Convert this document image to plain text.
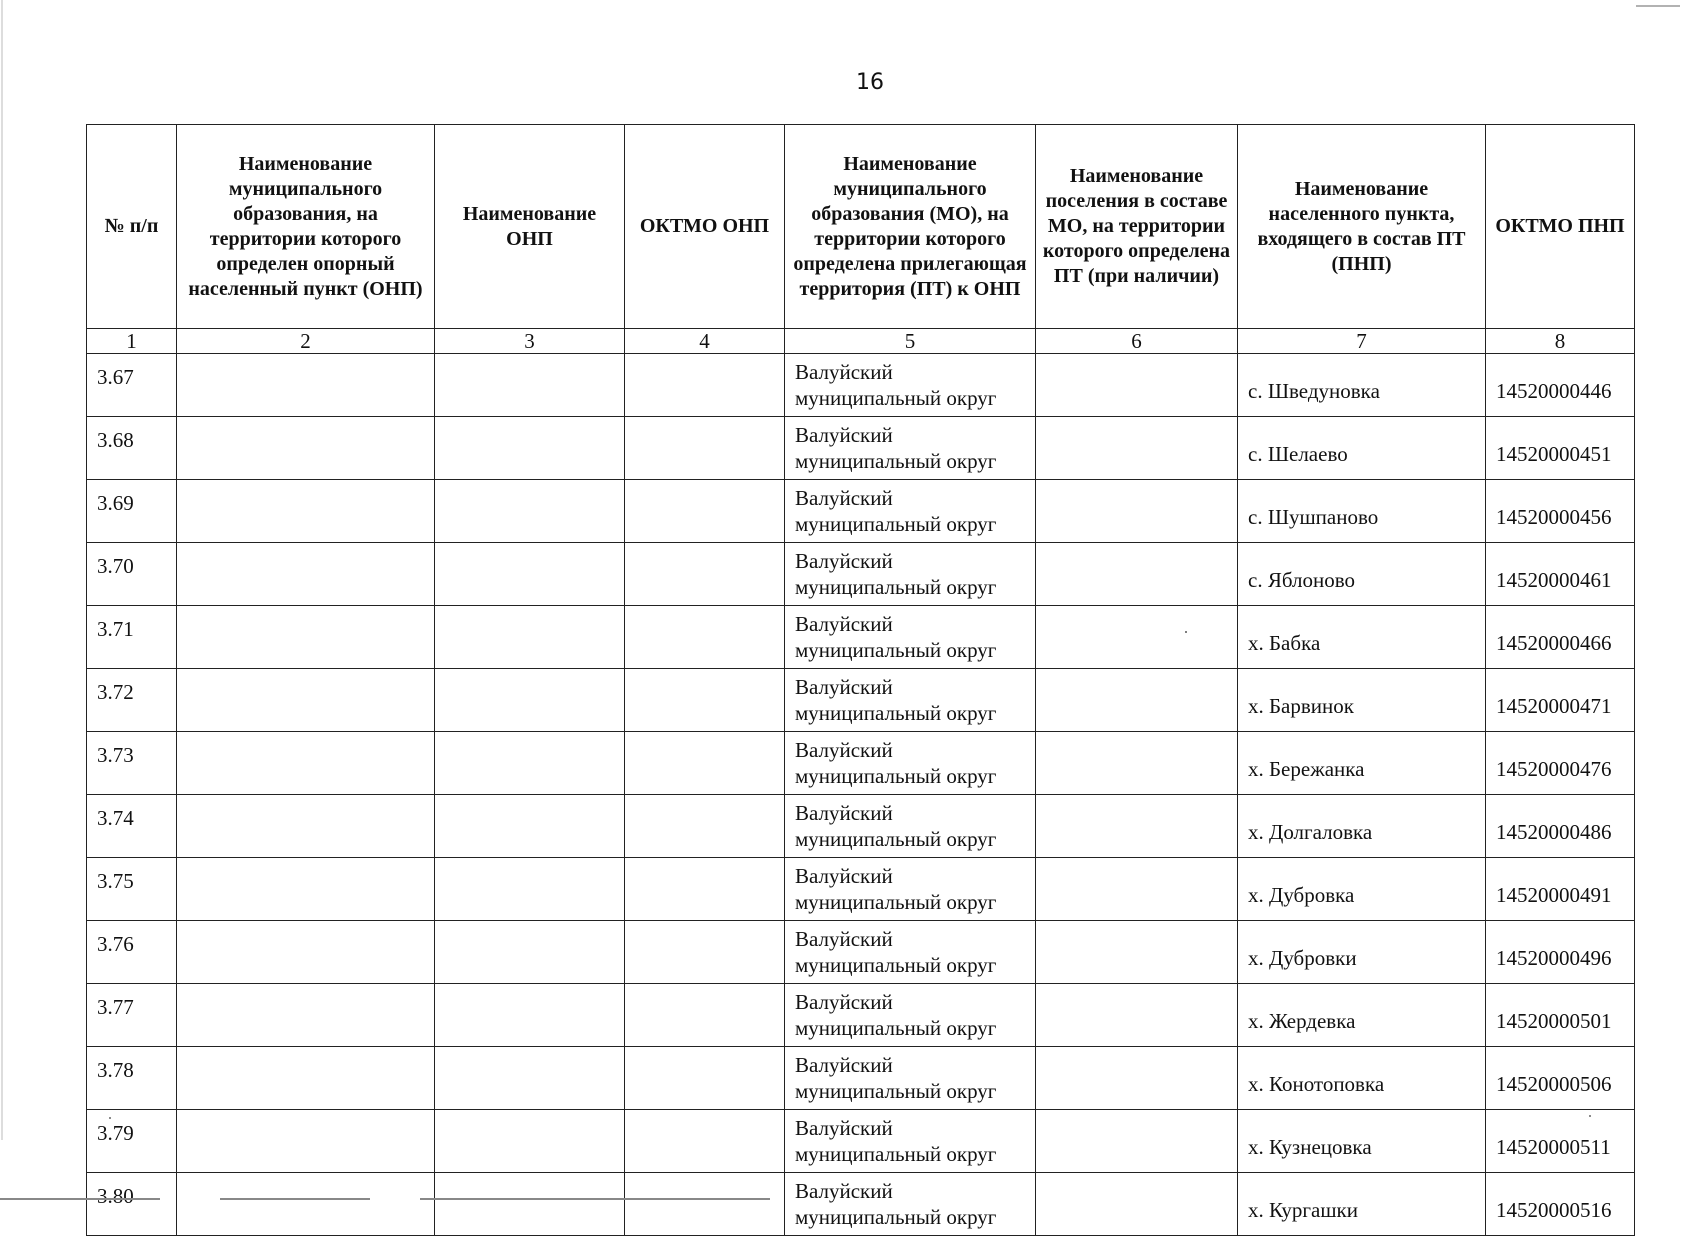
16
№ п/п	Наименование муниципального образования, на территории которого определен опорный населенный пункт (ОНП)	Наименование ОНП	ОКТМО ОНП	Наименование муниципального образования (МО), на территории которого определена прилегающая территория (ПТ) к ОНП	Наименование поселения в составе МО, на территории которого определена ПТ (при наличии)	Наименование населенного пункта, входящего в состав ПТ (ПНП)	ОКТМО ПНП
1	2	3	4	5	6	7	8
3.67				Валуйский муниципальный округ		с. Шведуновка	14520000446
3.68				Валуйский муниципальный округ		с. Шелаево	14520000451
3.69				Валуйский муниципальный округ		с. Шушпаново	14520000456
3.70				Валуйский муниципальный округ		с. Яблоново	14520000461
3.71				Валуйский муниципальный округ		х. Бабка	14520000466
3.72				Валуйский муниципальный округ		х. Барвинок	14520000471
3.73				Валуйский муниципальный округ		х. Бережанка	14520000476
3.74				Валуйский муниципальный округ		х. Долгаловка	14520000486
3.75				Валуйский муниципальный округ		х. Дубровка	14520000491
3.76				Валуйский муниципальный округ		х. Дубровки	14520000496
3.77				Валуйский муниципальный округ		х. Жердевка	14520000501
3.78				Валуйский муниципальный округ		х. Конотоповка	14520000506
3.79				Валуйский муниципальный округ		х. Кузнецовка	14520000511
3.80				Валуйский муниципальный округ		х. Кургашки	14520000516
